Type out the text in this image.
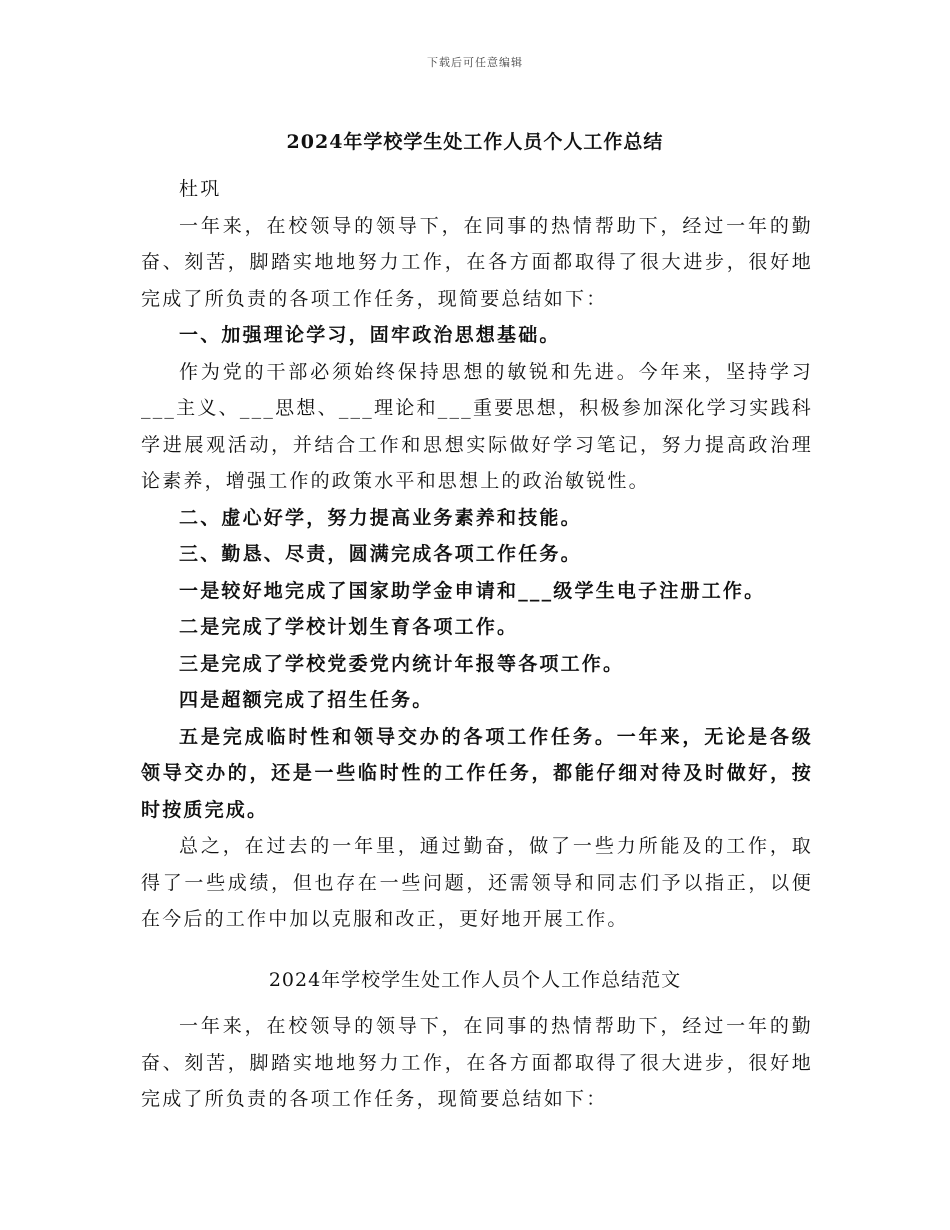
下载后可任意编辑
2024年学校学生处工作人员个人工作总结

杜巩

一年来，在校领导的领导下，在同事的热情帮助下，经过一年的勤奋、刻苦，脚踏实地地努力工作，在各方面都取得了很大进步，很好地完成了所负责的各项工作任务，现简要总结如下：

一、加强理论学习，固牢政治思想基础。

作为党的干部必须始终保持思想的敏锐和先进。今年来，坚持学习___主义、___思想、___理论和___重要思想，积极参加深化学习实践科学进展观活动，并结合工作和思想实际做好学习笔记，努力提高政治理论素养，增强工作的政策水平和思想上的政治敏锐性。

二、虚心好学，努力提高业务素养和技能。

三、勤恳、尽责，圆满完成各项工作任务。

一是较好地完成了国家助学金申请和___级学生电子注册工作。

二是完成了学校计划生育各项工作。

三是完成了学校党委党内统计年报等各项工作。

四是超额完成了招生任务。

五是完成临时性和领导交办的各项工作任务。一年来，无论是各级领导交办的，还是一些临时性的工作任务，都能仔细对待及时做好，按时按质完成。

总之，在过去的一年里，通过勤奋，做了一些力所能及的工作，取得了一些成绩，但也存在一些问题，还需领导和同志们予以指正，以便在今后的工作中加以克服和改正，更好地开展工作。

2024年学校学生处工作人员个人工作总结范文

一年来，在校领导的领导下，在同事的热情帮助下，经过一年的勤奋、刻苦，脚踏实地地努力工作，在各方面都取得了很大进步，很好地完成了所负责的各项工作任务，现简要总结如下：
